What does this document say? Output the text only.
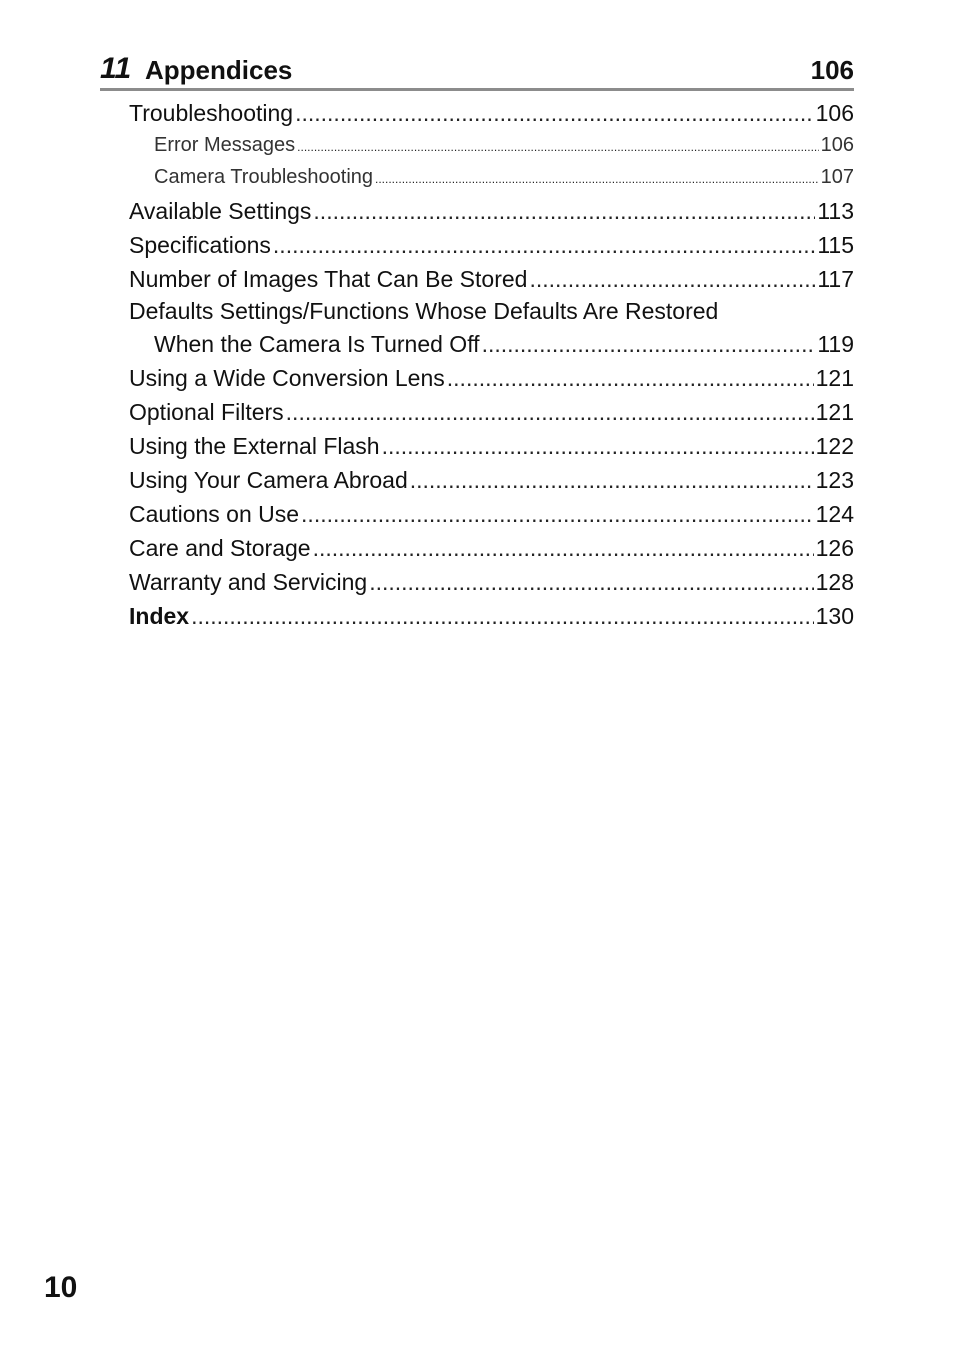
11 Appendices	106
Troubleshooting .....	106
Error Messages .....	106
Camera Troubleshooting .....	107
Available Settings .....	113
Specifications .....	115
Number of Images That Can Be Stored .....	117
Defaults Settings/Functions Whose Defaults Are Restored
When the Camera Is Turned Off .....	119
Using a Wide Conversion Lens .....	121
Optional Filters .....	121
Using the External Flash .....	122
Using Your Camera Abroad .....	123
Cautions on Use .....	124
Care and Storage .....	126
Warranty and Servicing .....	128
Index .....	130
10
